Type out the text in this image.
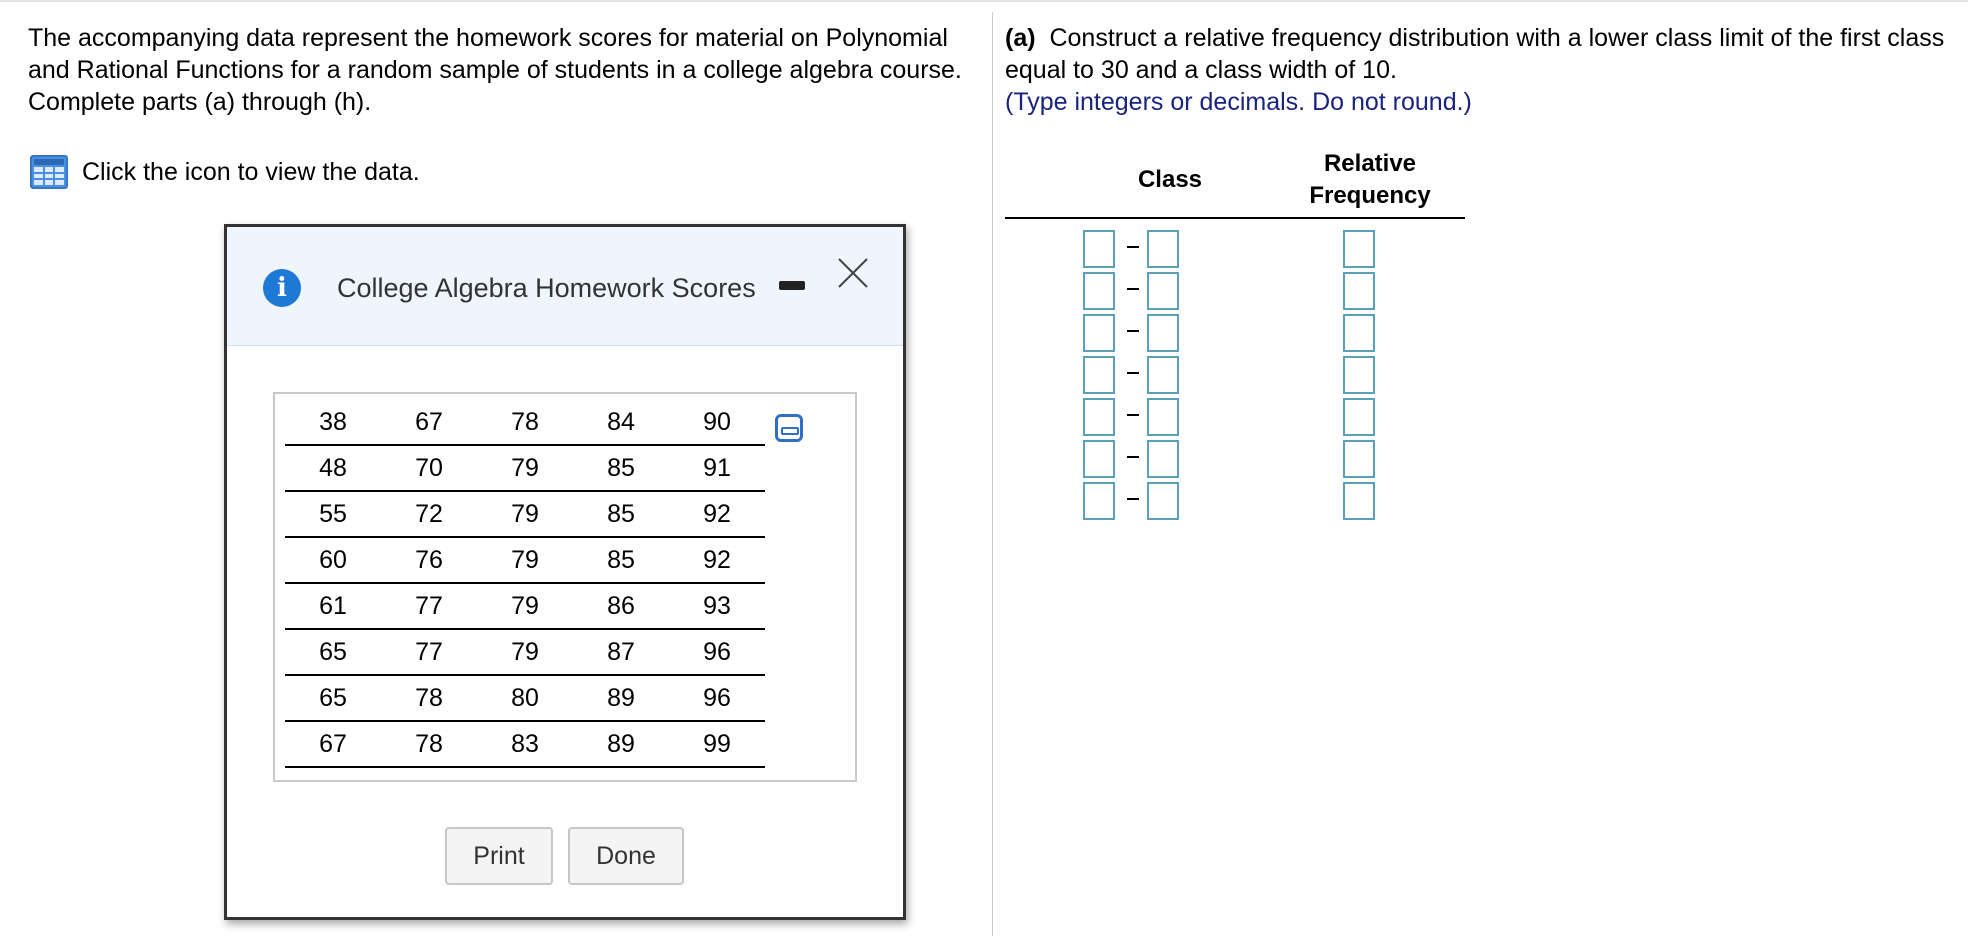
The accompanying data represent the homework scores for material on Polynomial and Rational Functions for a random sample of students in a college algebra course. Complete parts (a) through (h).
Click the icon to view the data.
i	College Algebra Homework Scores
38	67	78	84	90
48	70	79	85	91
55	72	79	85	92
60	76	79	85	92
61	77	79	86	93
65	77	79	87	96
65	78	80	89	96
67	78	83	89	99
Print	Done
(a) Construct a relative frequency distribution with a lower class limit of the first class equal to 30 and a class width of 10.
(Type integers or decimals. Do not round.)
Class
Relative
Frequency
